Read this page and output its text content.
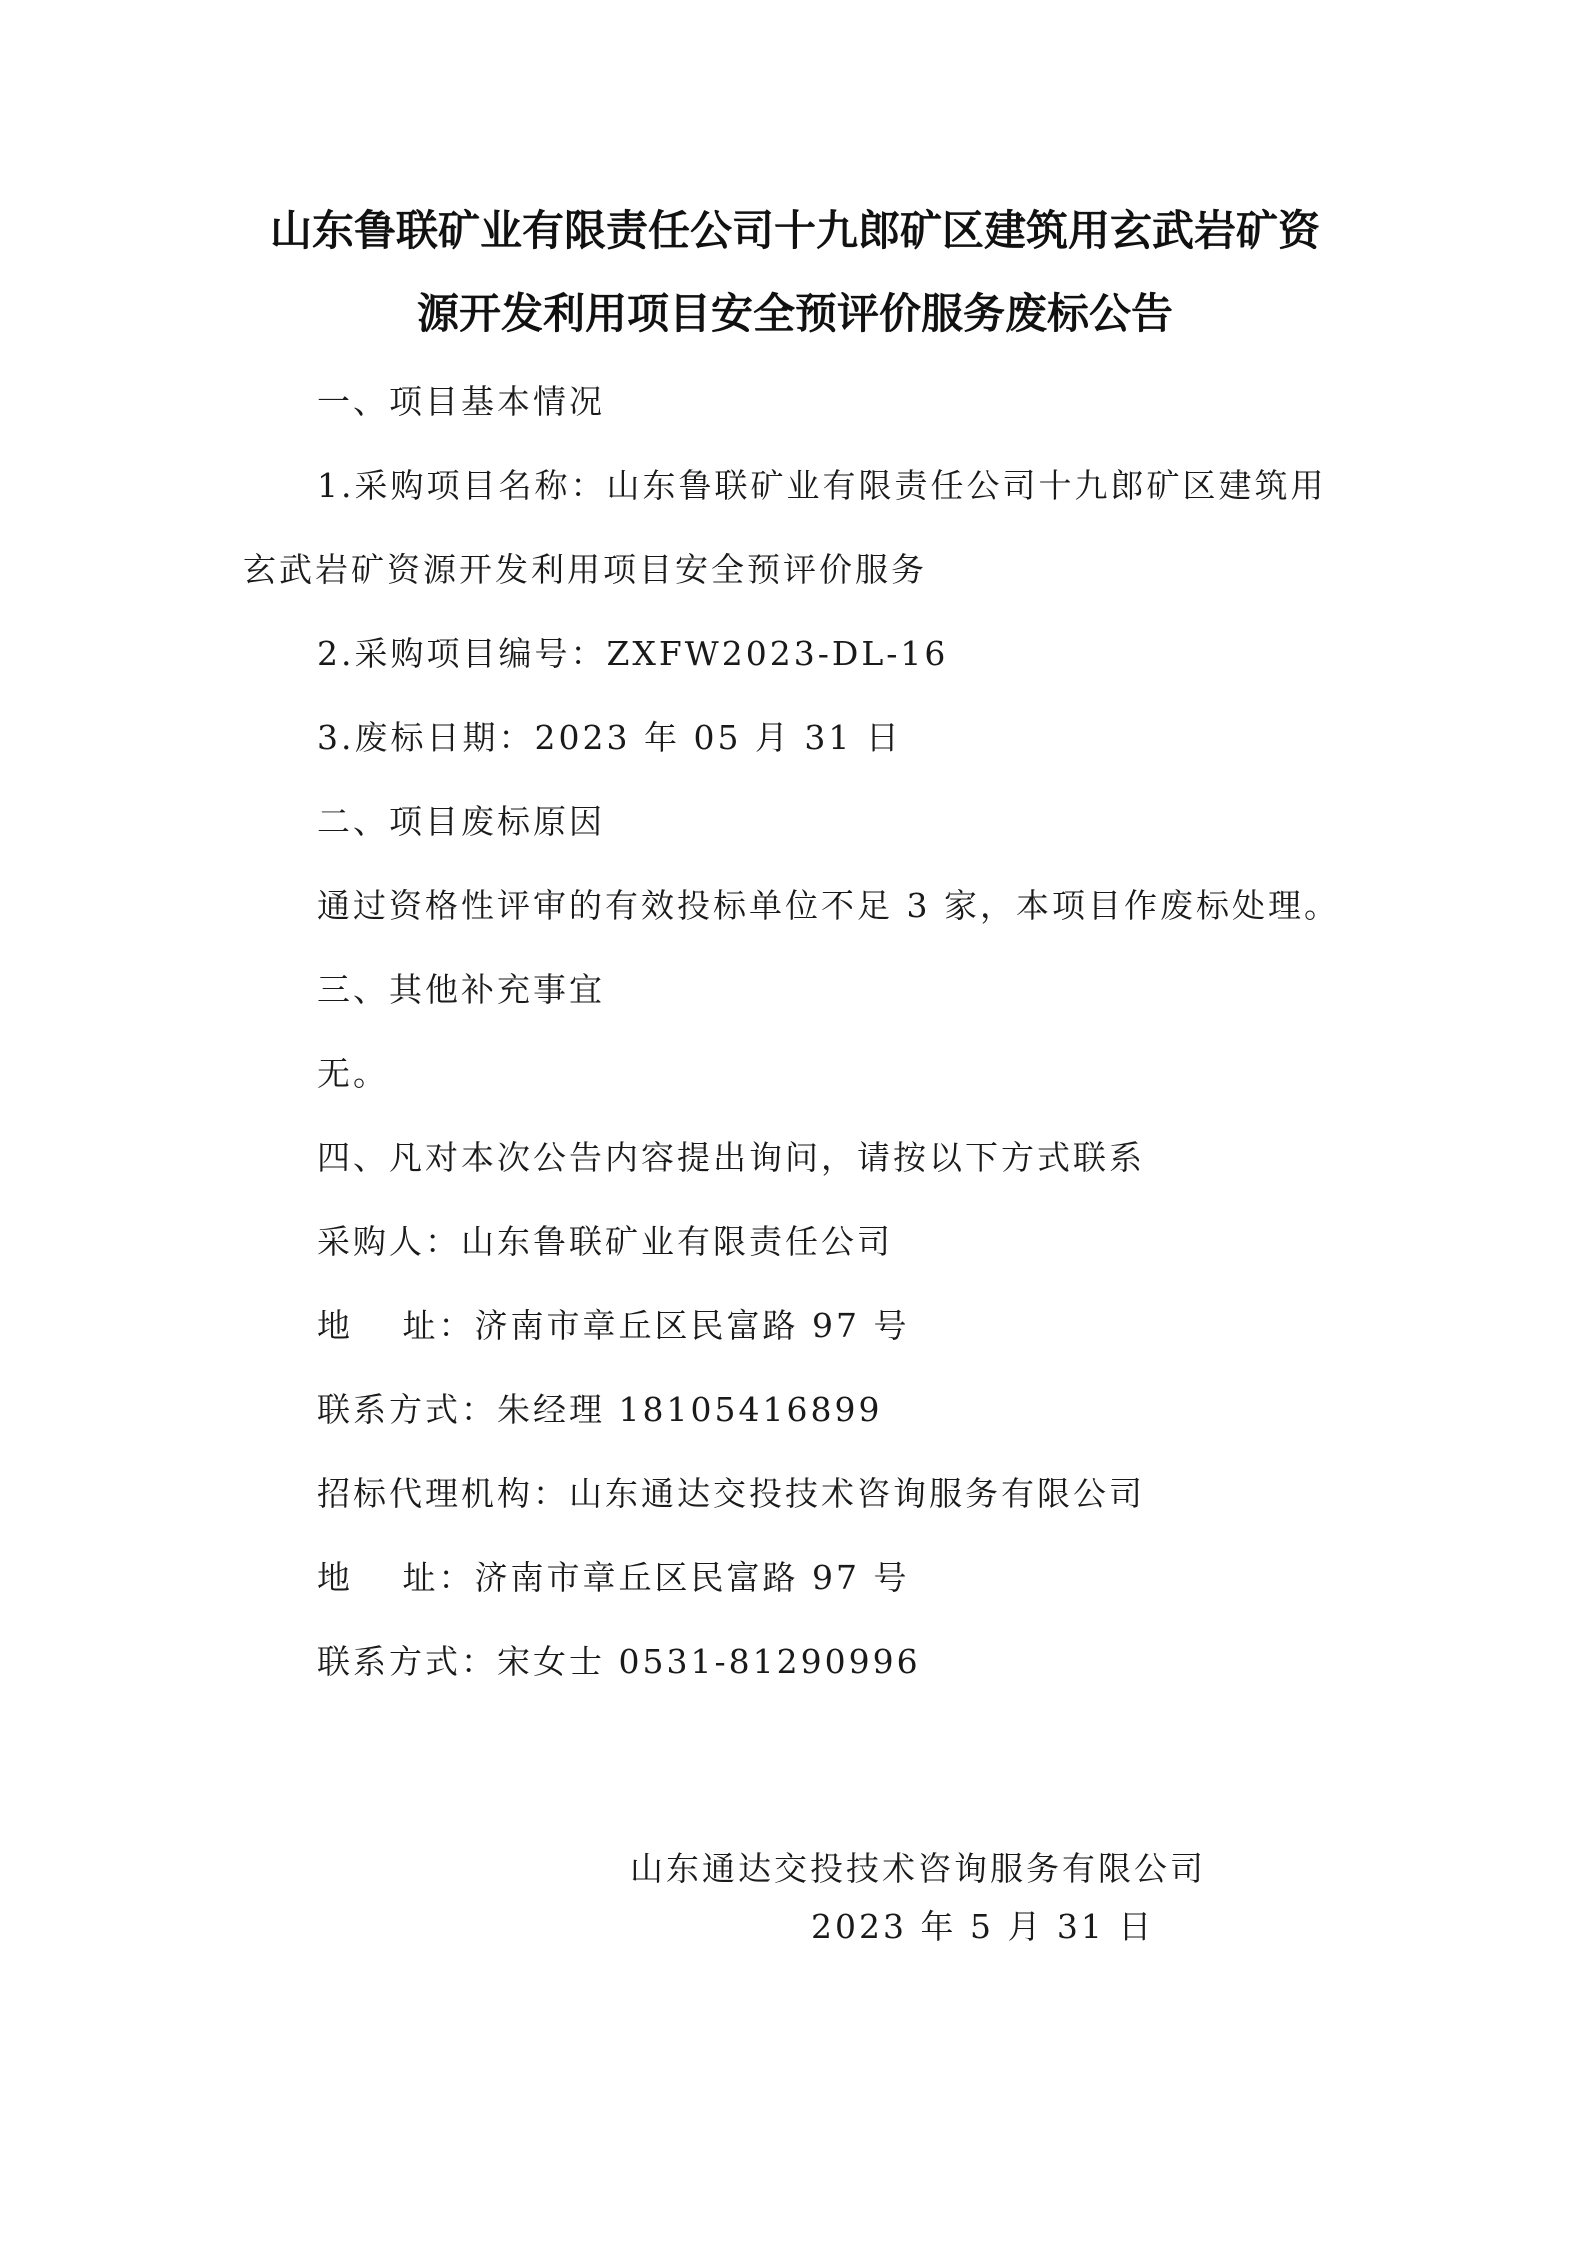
山东鲁联矿业有限责任公司十九郎矿区建筑用玄武岩矿资
源开发利用项目安全预评价服务废标公告
一、项目基本情况
1.采购项目名称：山东鲁联矿业有限责任公司十九郎矿区建筑用
玄武岩矿资源开发利用项目安全预评价服务
2.采购项目编号：ZXFW2023-DL-16
3.废标日期：2023 年 05 月 31 日
二、项目废标原因
通过资格性评审的有效投标单位不足 3 家，本项目作废标处理。
三、其他补充事宜
无。
四、凡对本次公告内容提出询问，请按以下方式联系
采购人：山东鲁联矿业有限责任公司
地　 址：济南市章丘区民富路 97 号
联系方式：朱经理 18105416899
招标代理机构：山东通达交投技术咨询服务有限公司
地　 址：济南市章丘区民富路 97 号
联系方式：宋女士 0531-81290996
山东通达交投技术咨询服务有限公司
2023 年 5 月 31 日
